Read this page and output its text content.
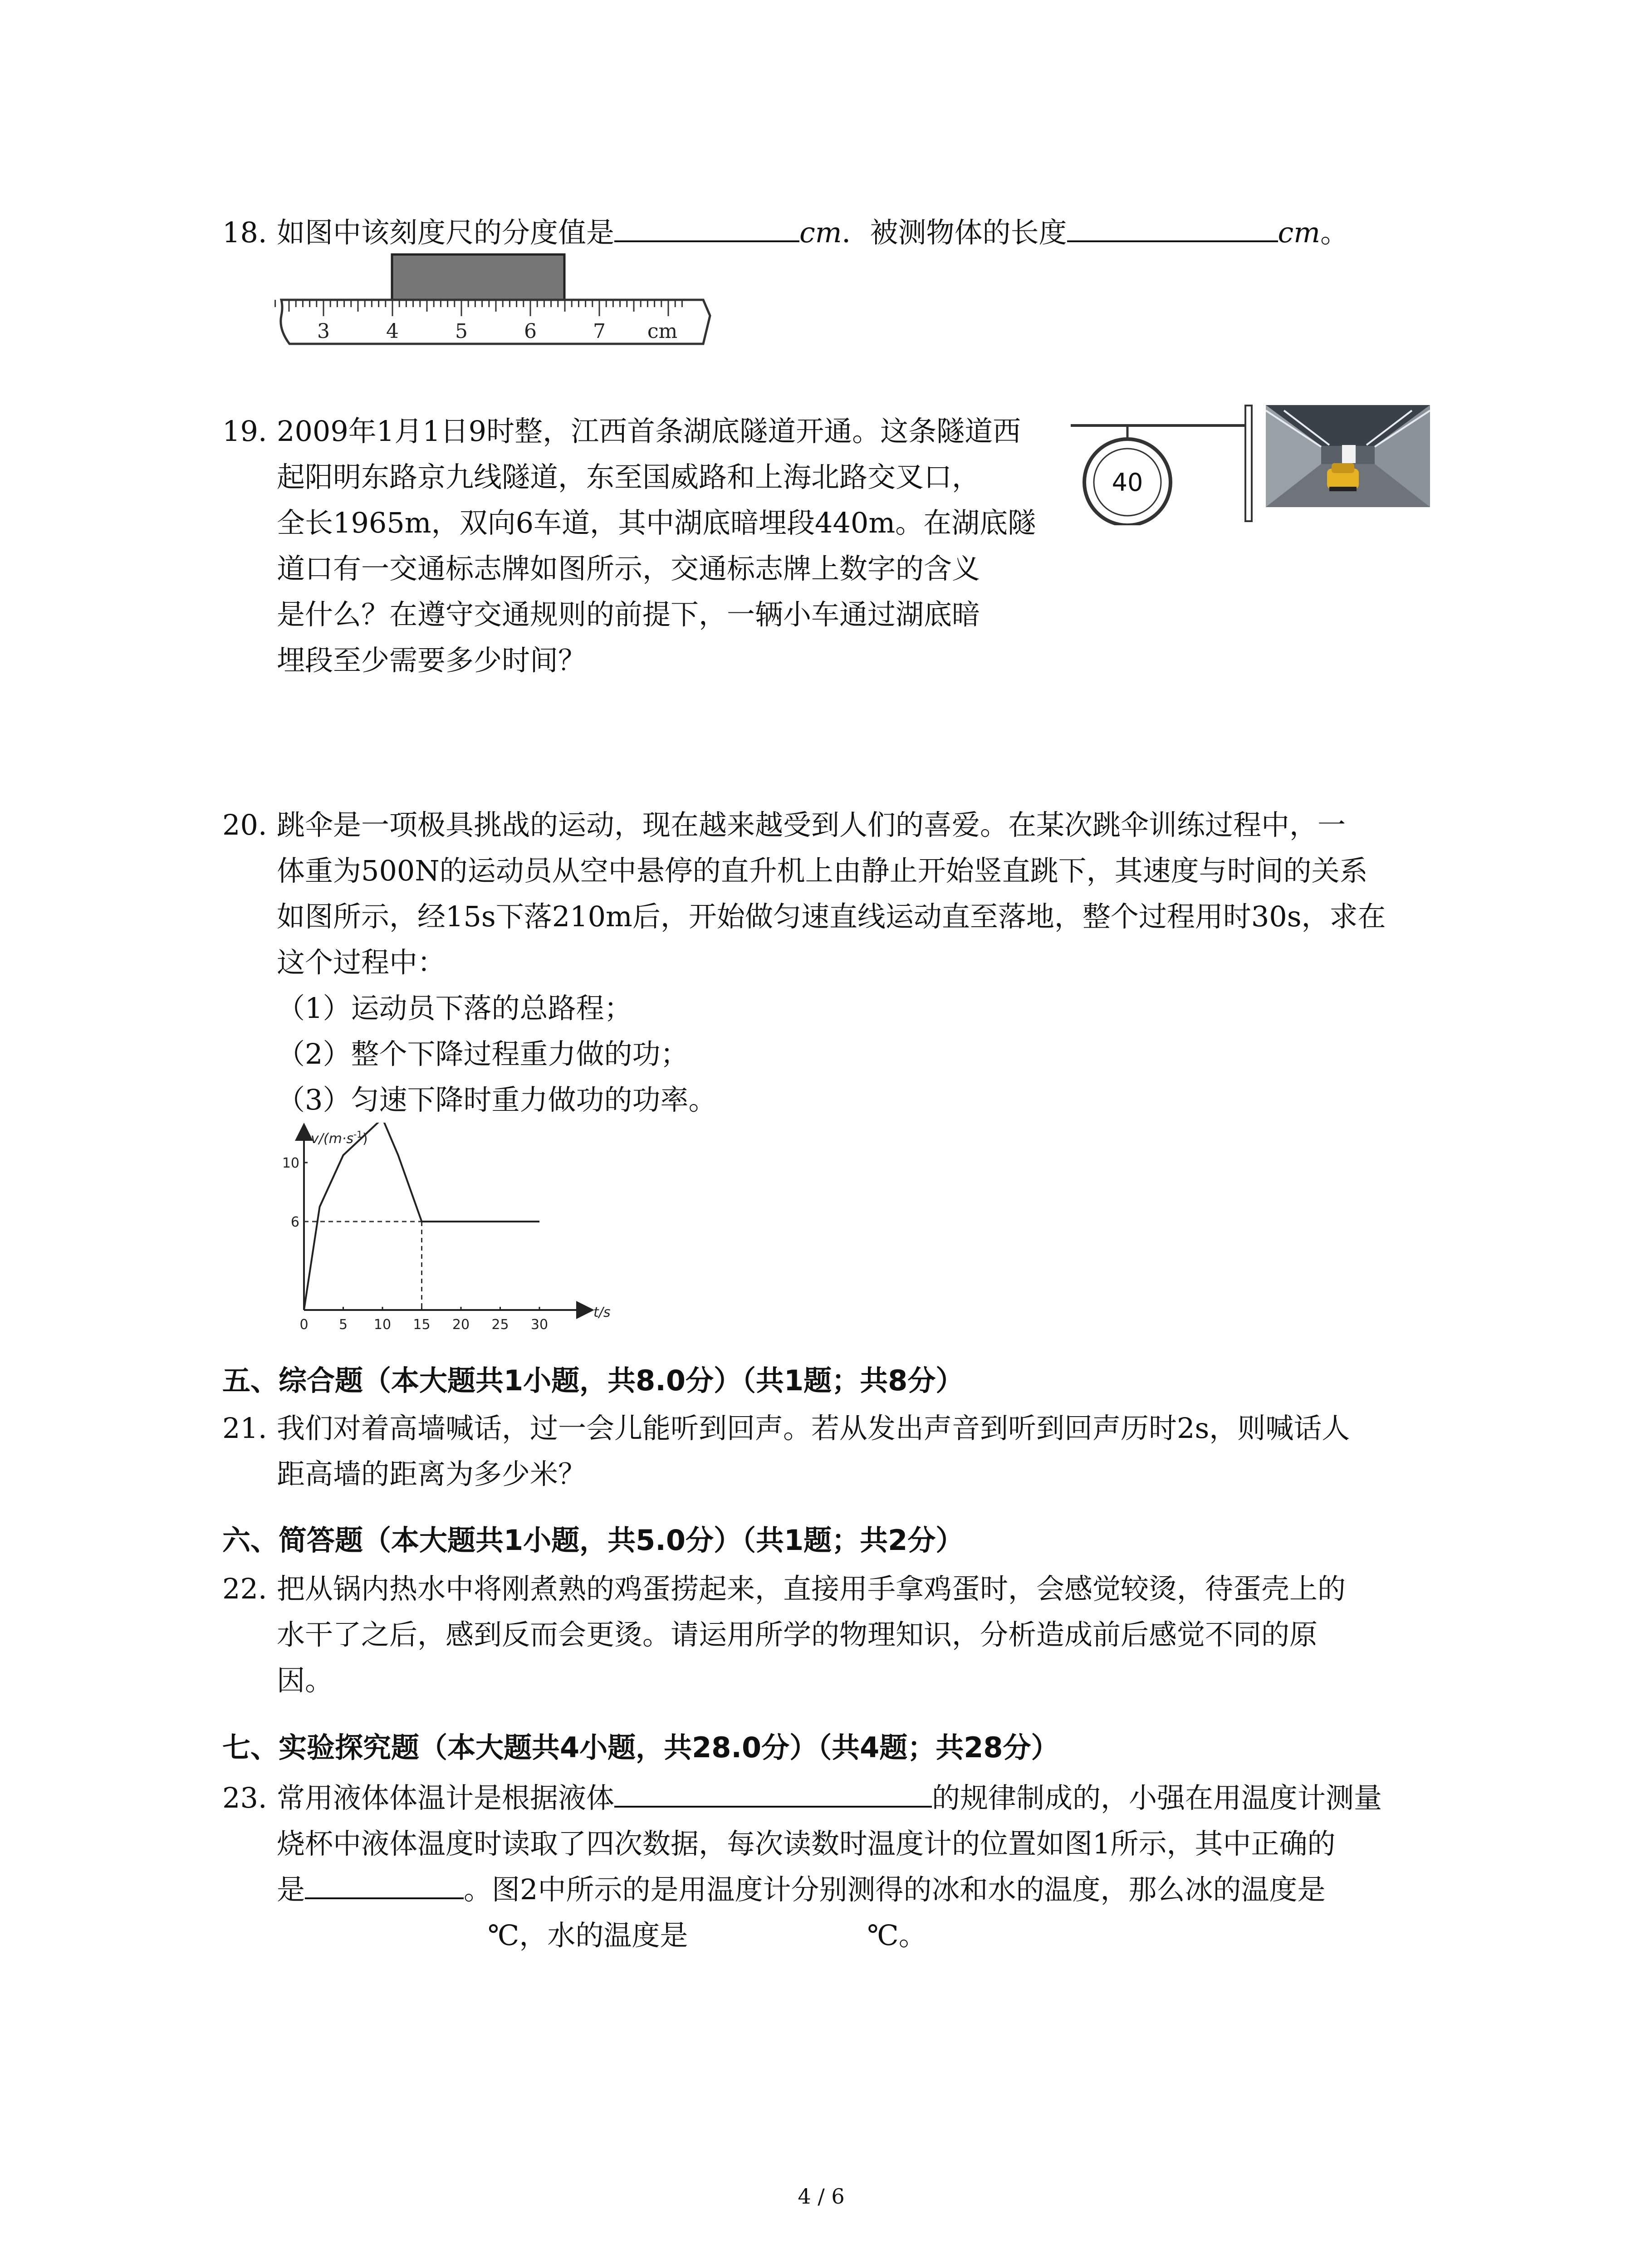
18. 如图中该刻度尺的分度值是	cm．被测物体的长度	cm。
3	4	5	6	7 cm
19. 2009年1月1日9时整，江西首条湖底隧道开通。这条隧道西
起阳明东路京九线隧道，东至国威路和上海北路交叉口，
全长1965m，双向6车道，其中湖底暗埋段440m。在湖底隧
道口有一交通标志牌如图所示，交通标志牌上数字的含义
是什么？在遵守交通规则的前提下，一辆小车通过湖底暗
埋段至少需要多少时间？
40
20. 跳伞是一项极具挑战的运动，现在越来越受到人们的喜爱。在某次跳伞训练过程中，一
体重为500N的运动员从空中悬停的直升机上由静止开始竖直跳下，其速度与时间的关系
如图所示，经15s下落210m后，开始做匀速直线运动直至落地，整个过程用时30s，求在
这个过程中：
（1）运动员下落的总路程；
（2）整个下降过程重力做的功；
（3）匀速下降时重力做功的功率。
$v/(m\cdot s^{-1})$
t/s
0 5 10 15 20 25 30
10
6
五、综合题（本大题共1小题，共8.0分）（共1题；共8分）
21. 我们对着高墙喊话，过一会儿能听到回声。若从发出声音到听到回声历时2s，则喊话人
距高墙的距离为多少米？
六、简答题（本大题共1小题，共5.0分）（共1题；共2分）
22. 把从锅内热水中将刚煮熟的鸡蛋捞起来，直接用手拿鸡蛋时，会感觉较烫，待蛋壳上的
水干了之后，感到反而会更烫。请运用所学的物理知识，分析造成前后感觉不同的原
因。
七、实验探究题（本大题共4小题，共28.0分）（共4题；共28分）
23. 常用液体体温计是根据液体	的规律制成的，小强在用温度计测量
烧杯中液体温度时读取了四次数据，每次读数时温度计的位置如图1所示，其中正确的
是	。图2中所示的是用温度计分别测得的冰和水的温度，那么冰的温度是
℃，水的温度是	℃。
4 / 6
